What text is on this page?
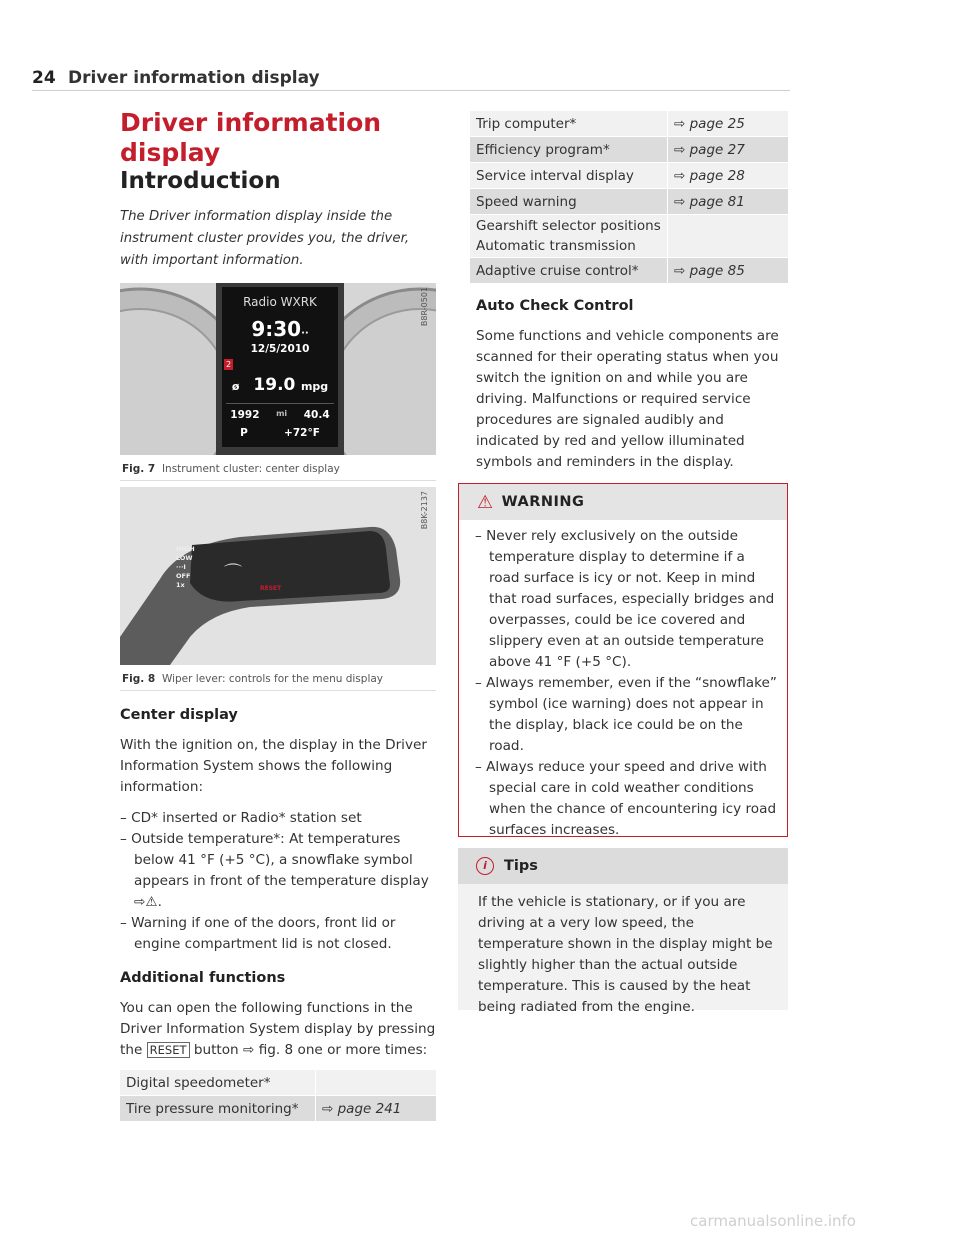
24 Driver information display
Driver information display
Introduction
The Driver information display inside the instrument cluster provides you, the driver, with important information.
Radio WXRK
9:30··
12/5/2010
2
ø 19.0 mpg
1992 mi 40.4
P	+72°F
B8R-0501
Fig. 7 Instrument cluster: center display
HIGH
LOW
···I
OFF
1x
⌒
RESET
B8K-2137
Fig. 8 Wiper lever: controls for the menu display
Center display
With the ignition on, the display in the Driver Information System shows the following information:
– CD* inserted or Radio* station set
– Outside temperature*: At temperatures below 41 °F (+5 °C), a snowflake symbol appears in front of the temperature display ⇨⚠.
– Warning if one of the doors, front lid or engine compartment lid is not closed.
Additional functions
You can open the following functions in the Driver Information System display by pressing the RESET button ⇨ fig. 8 one or more times:
Digital speedometer*	
Tire pressure monitoring*	⇨ page 241
Trip computer*	⇨ page 25
Efficiency program*	⇨ page 27
Service interval display	⇨ page 28
Speed warning	⇨ page 81

Gearshift selector positions
Automatic transmission	

Adaptive cruise control*	⇨ page 85
Auto Check Control
Some functions and vehicle components are scanned for their operating status when you switch the ignition on and while you are driving. Malfunctions or required service procedures are signaled audibly and indicated by red and yellow illuminated symbols and reminders in the display.
⚠ WARNING
– Never rely exclusively on the outside temperature display to determine if a road surface is icy or not. Keep in mind that road surfaces, especially bridges and overpasses, could be ice covered and slippery even at an outside temperature above 41 °F (+5 °C).
– Always remember, even if the “snowflake” symbol (ice warning) does not appear in the display, black ice could be on the road.
– Always reduce your speed and drive with special care in cold weather conditions when the chance of encountering icy road surfaces increases.
i	Tips
If the vehicle is stationary, or if you are driving at a very low speed, the temperature shown in the display might be slightly higher than the actual outside temperature. This is caused by the heat being radiated from the engine.
carmanualsonline.info
